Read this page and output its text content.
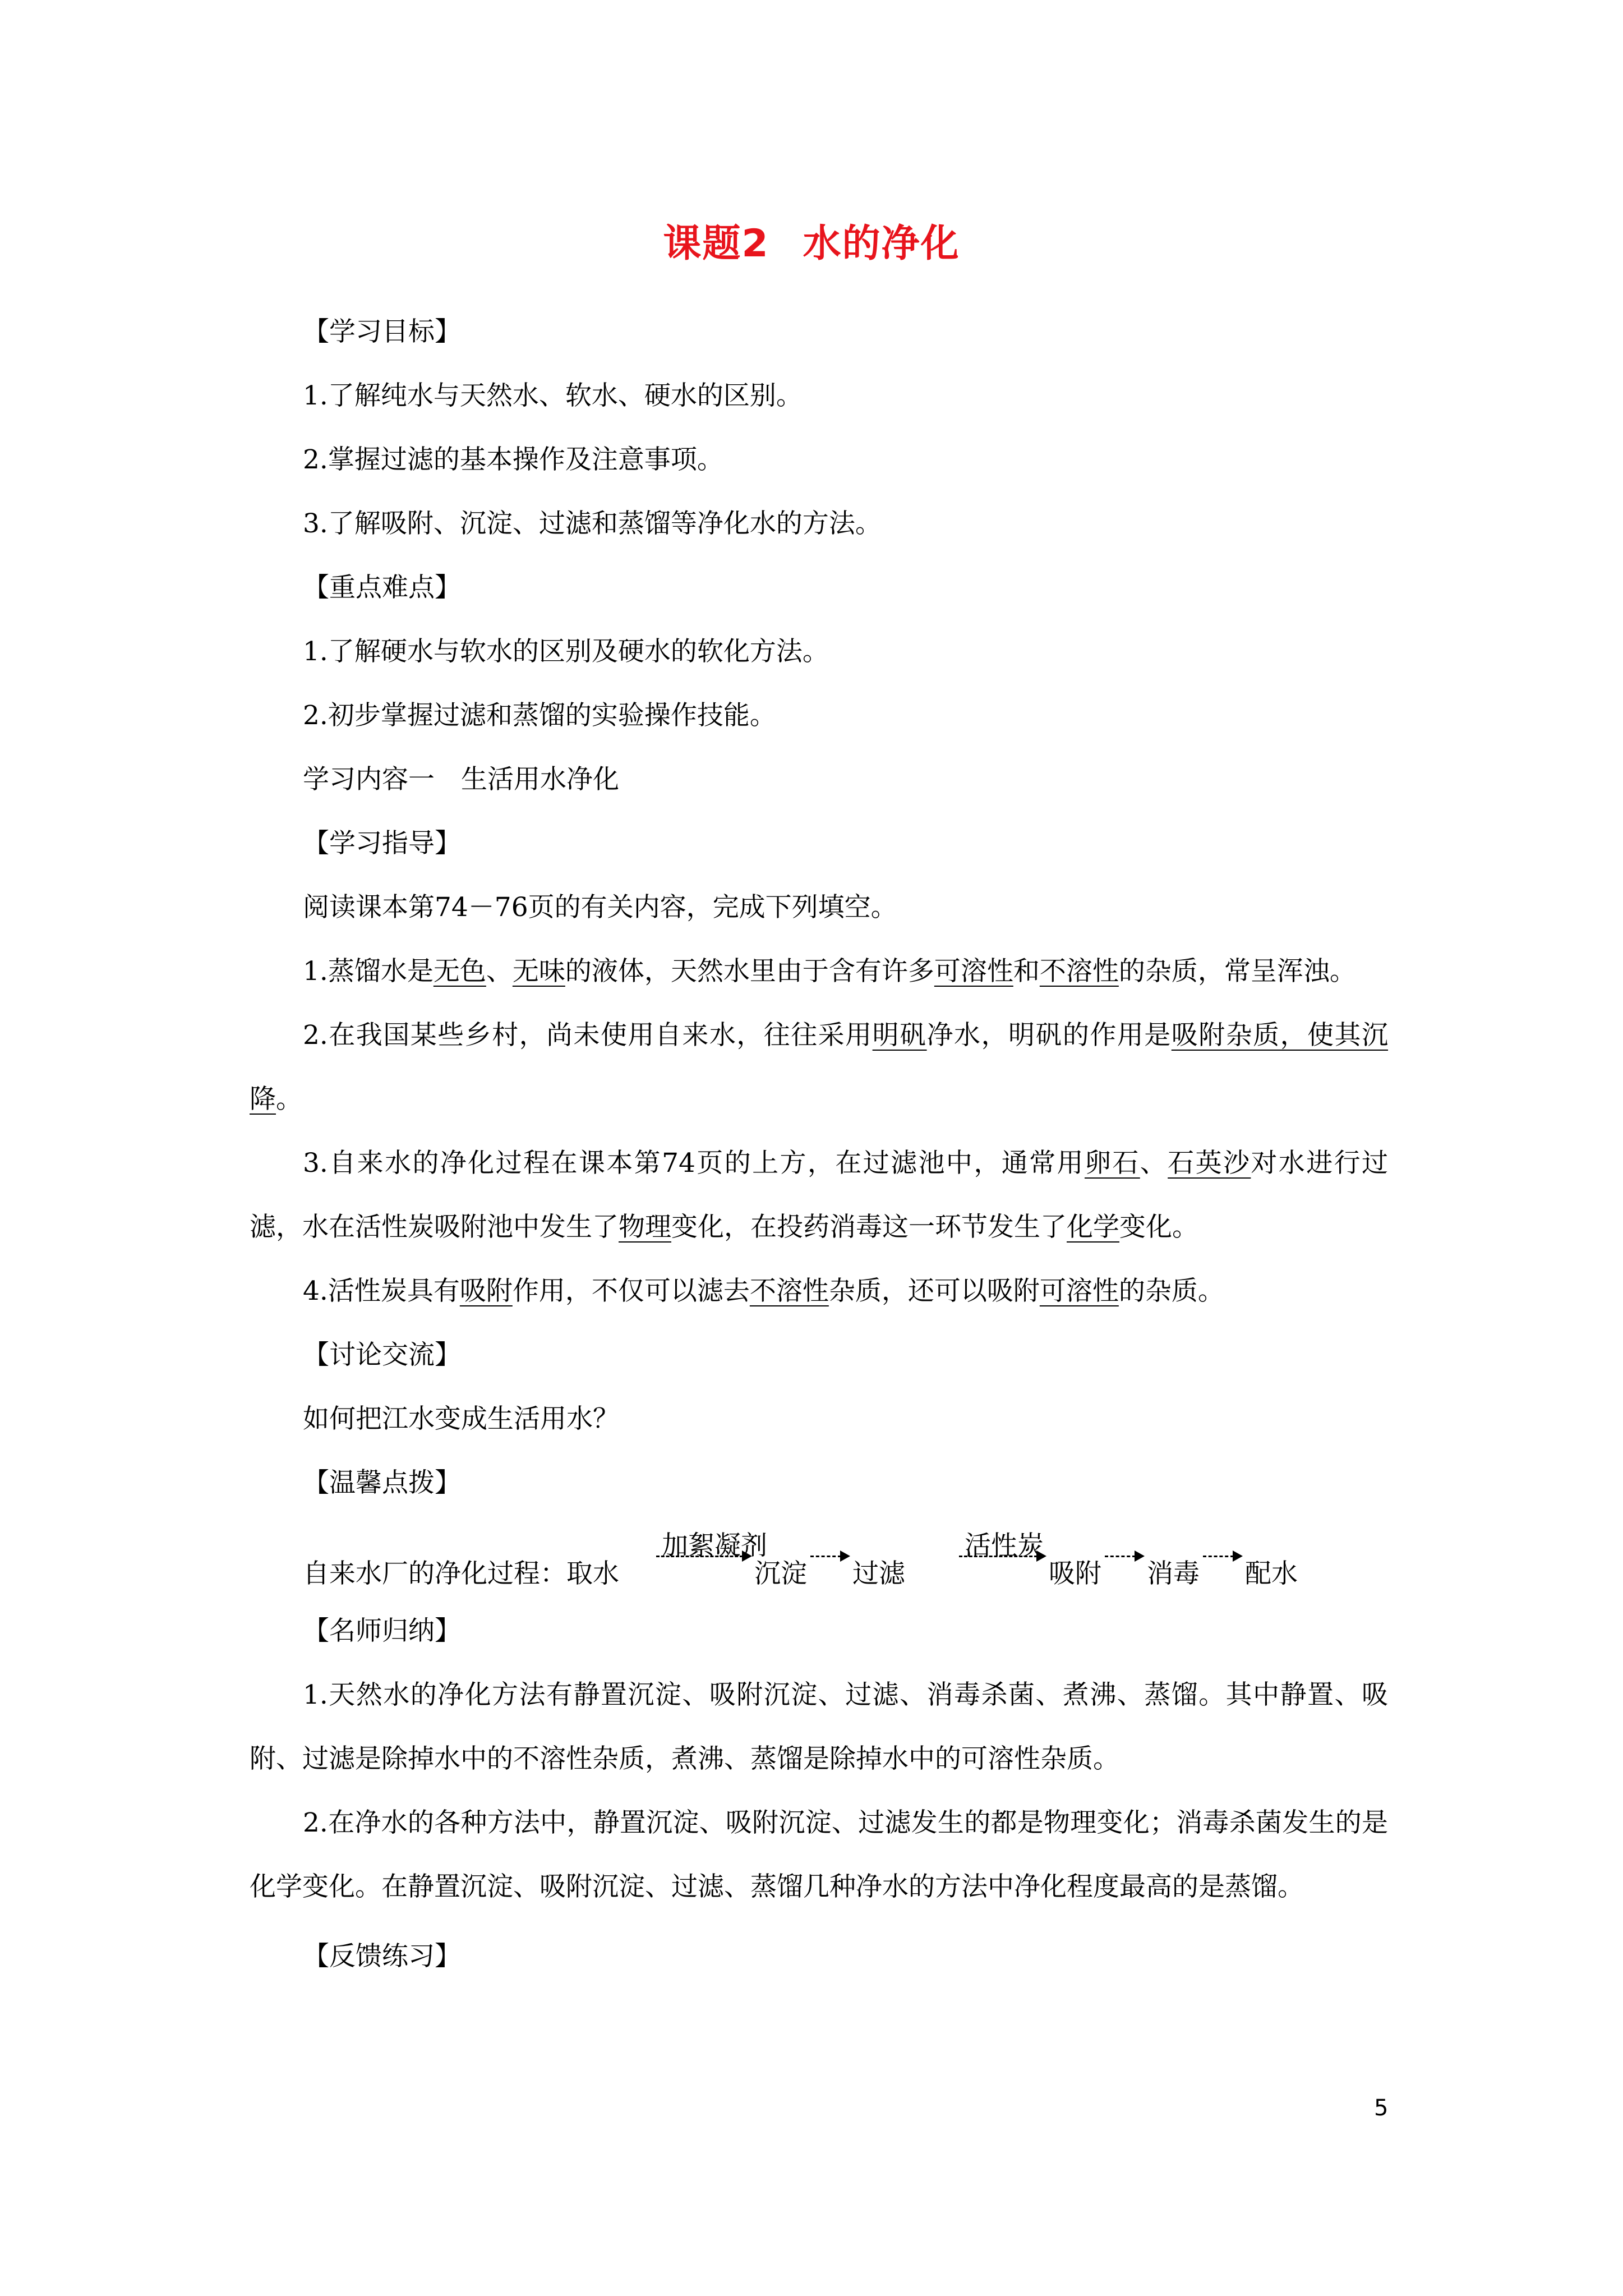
课题2 水的净化
【学习目标】
1.了解纯水与天然水、软水、硬水的区别。
2.掌握过滤的基本操作及注意事项。
3.了解吸附、沉淀、过滤和蒸馏等净化水的方法。
【重点难点】
1.了解硬水与软水的区别及硬水的软化方法。
2.初步掌握过滤和蒸馏的实验操作技能。
学习内容一　生活用水净化
【学习指导】
阅读课本第74－76页的有关内容，完成下列填空。
1.蒸馏水是无色、无味的液体，天然水里由于含有许多可溶性和不溶性的杂质，常呈浑浊。
2.在我国某些乡村，尚未使用自来水，往往采用明矾净水，明矾的作用是吸附杂质，使其沉降。
3.自来水的净化过程在课本第74页的上方，在过滤池中，通常用卵石、石英沙对水进行过滤，水在活性炭吸附池中发生了物理变化，在投药消毒这一环节发生了化学变化。
4.活性炭具有吸附作用，不仅可以滤去不溶性杂质，还可以吸附可溶性的杂质。
【讨论交流】
如何把江水变成生活用水？
【温馨点拨】
自来水厂的净化过程：取水
加絮凝剂
沉淀 过滤
活性炭
吸附 消毒 配水
【名师归纳】
1.天然水的净化方法有静置沉淀、吸附沉淀、过滤、消毒杀菌、煮沸、蒸馏。其中静置、吸附、过滤是除掉水中的不溶性杂质，煮沸、蒸馏是除掉水中的可溶性杂质。
2.在净水的各种方法中，静置沉淀、吸附沉淀、过滤发生的都是物理变化；消毒杀菌发生的是化学变化。在静置沉淀、吸附沉淀、过滤、蒸馏几种净水的方法中净化程度最高的是蒸馏。
【反馈练习】
5
